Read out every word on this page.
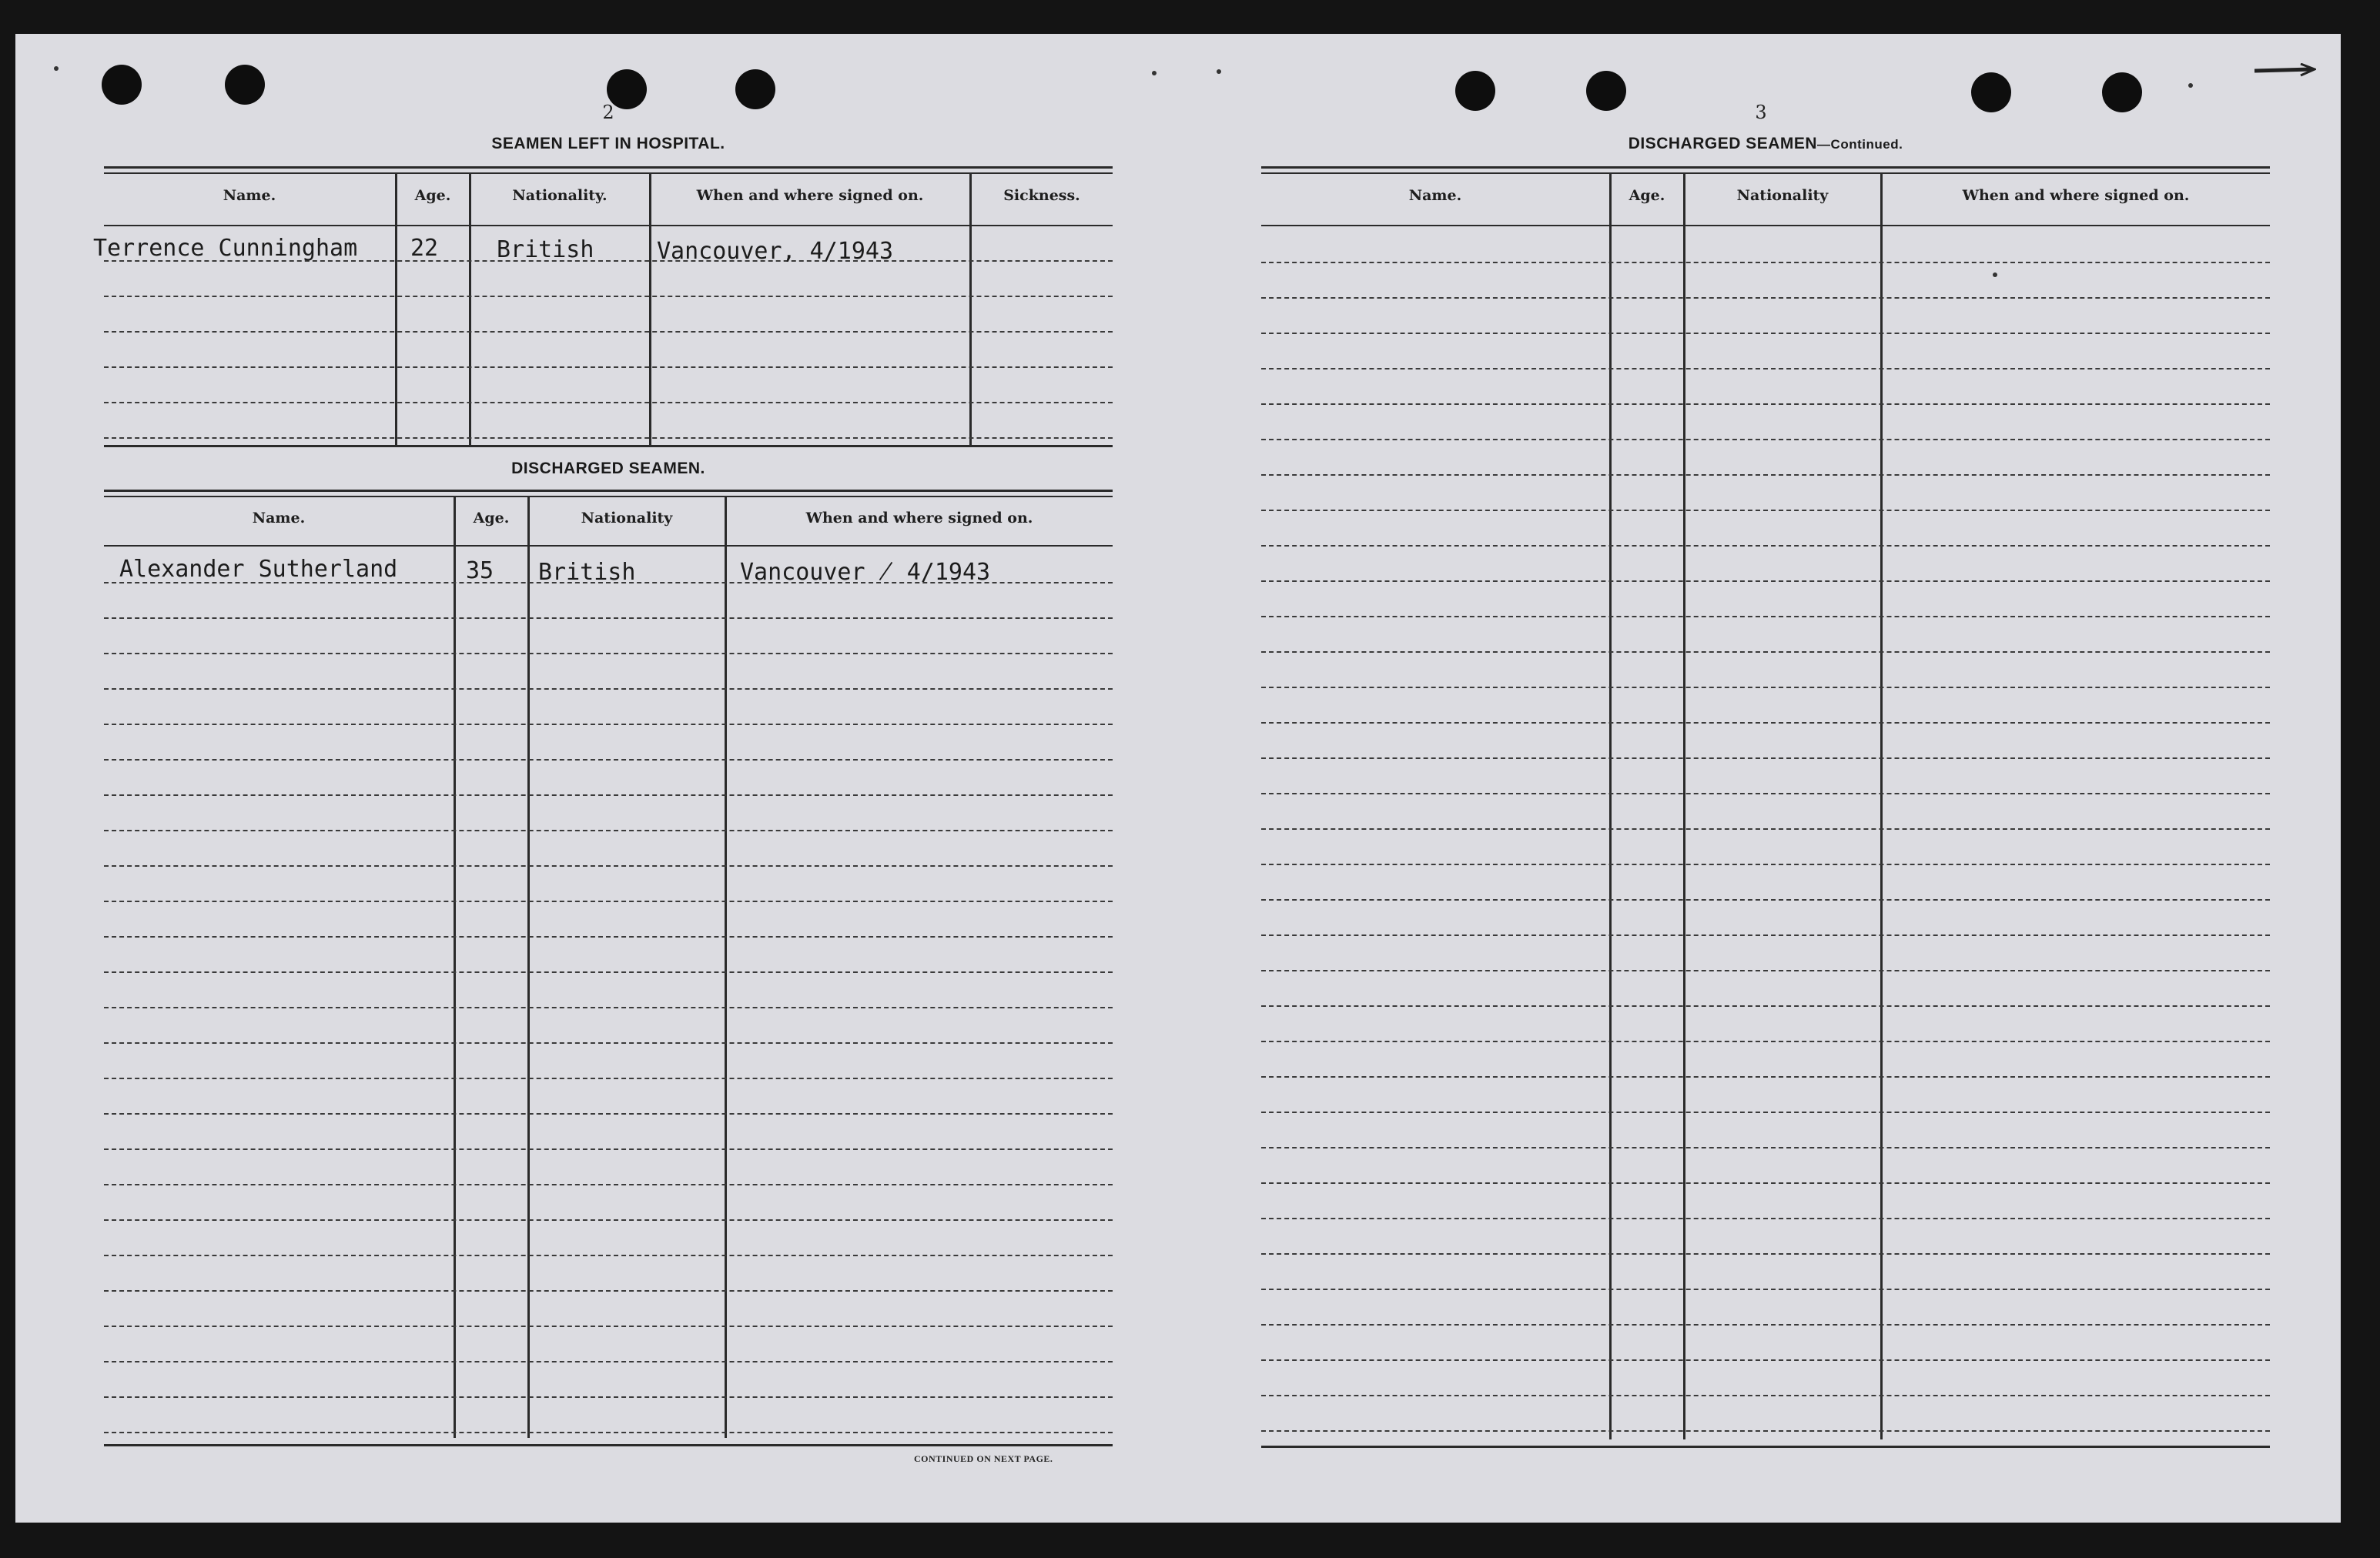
2
SEAMEN LEFT IN HOSPITAL.
Name.	Age.	Nationality.	When and where signed on.	Sickness.
Terrence Cunningham 22	British	Vancouver, 4/1943
DISCHARGED SEAMEN.
Name.	Age.	Nationality	When and where signed on.
Alexander Sutherland	35 British	Vancouver ̸ 4/1943
CONTINUED ON NEXT PAGE.
3
DISCHARGED SEAMEN—Continued.
Name.	Age.	Nationality	When and where signed on.
